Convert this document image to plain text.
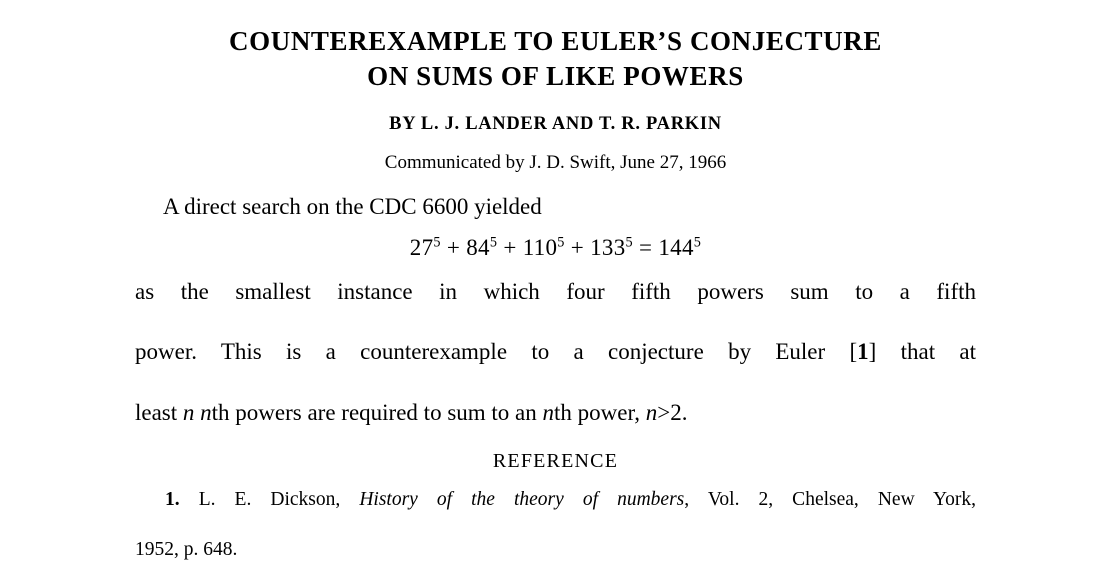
COUNTEREXAMPLE TO EULER’S CONJECTURE
ON SUMS OF LIKE POWERS
BY L. J. LANDER AND T. R. PARKIN
Communicated by J. D. Swift, June 27, 1966
A direct search on the CDC 6600 yielded
$27^5 + 84^5 + 110^5 + 133^5 = 144^5$
as the smallest instance in which four fifth powers sum to a fifth
power. This is a counterexample to a conjecture by Euler [1] that at
least n nth powers are required to sum to an nth power, n>2.
REFERENCE
1. L. E. Dickson, History of the theory of numbers, Vol. 2, Chelsea, New York,
1952, p. 648.
